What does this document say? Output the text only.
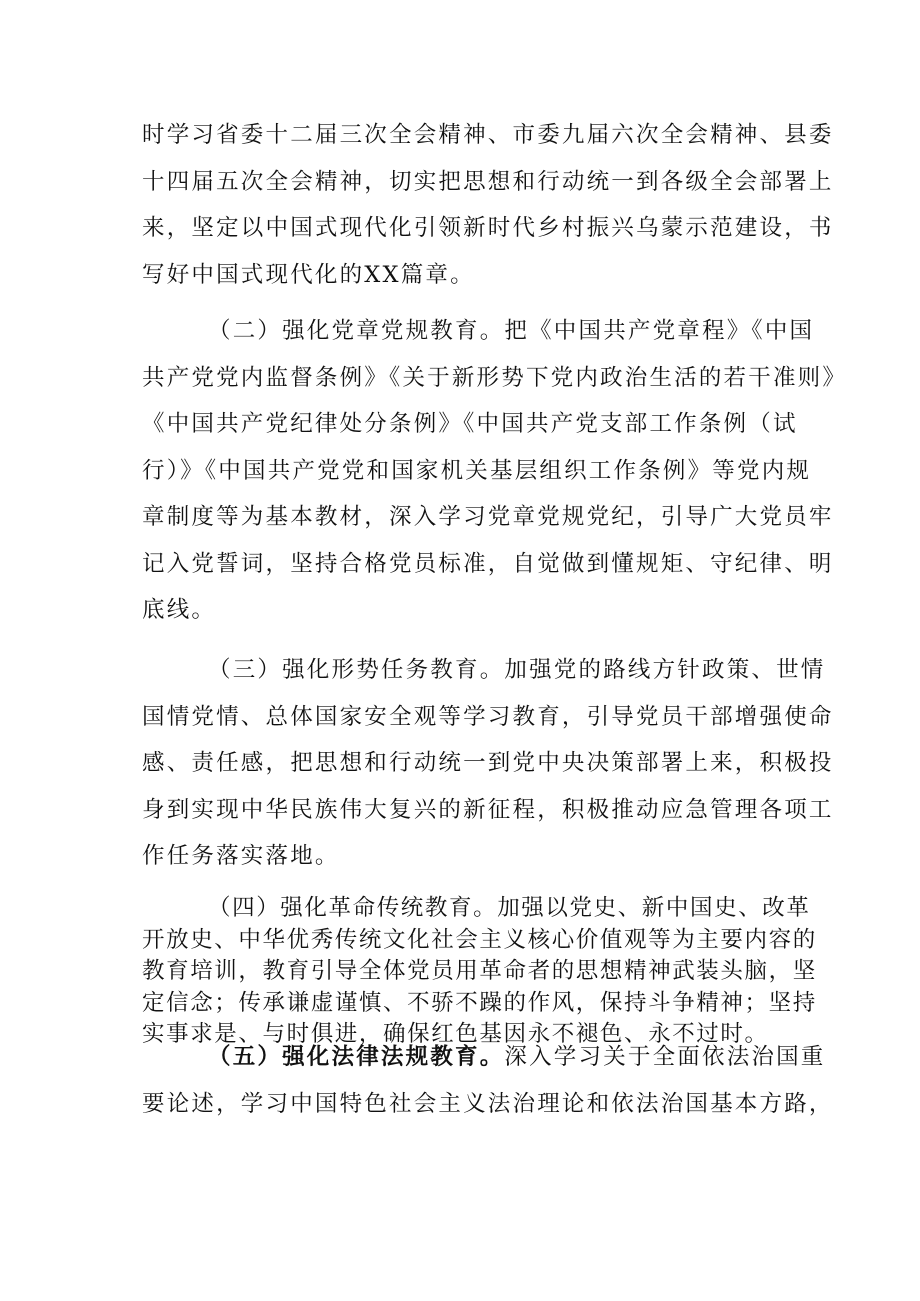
时学习省委十二届三次全会精神、市委九届六次全会精神、县委
十四届五次全会精神，切实把思想和行动统一到各级全会部署上
来，坚定以中国式现代化引领新时代乡村振兴乌蒙示范建设，书
写好中国式现代化的XX篇章。

（二）强化党章党规教育。把《中国共产党章程》《中国
共产党党内监督条例》《关于新形势下党内政治生活的若干准则》
《中国共产党纪律处分条例》《中国共产党支部工作条例（试
行）》《中国共产党党和国家机关基层组织工作条例》等党内规
章制度等为基本教材，深入学习党章党规党纪，引导广大党员牢
记入党誓词，坚持合格党员标准，自觉做到懂规矩、守纪律、明
底线。

（三）强化形势任务教育。加强党的路线方针政策、世情
国情党情、总体国家安全观等学习教育，引导党员干部增强使命
感、责任感，把思想和行动统一到党中央决策部署上来，积极投
身到实现中华民族伟大复兴的新征程，积极推动应急管理各项工
作任务落实落地。

（四）强化革命传统教育。加强以党史、新中国史、改革
开放史、中华优秀传统文化社会主义核心价值观等为主要内容的
教育培训，教育引导全体党员用革命者的思想精神武装头脑，坚
定信念；传承谦虚谨慎、不骄不躁的作风，保持斗争精神；坚持
实事求是、与时俱进，确保红色基因永不褪色、永不过时。

（五）强化法律法规教育。深入学习关于全面依法治国重
要论述，学习中国特色社会主义法治理论和依法治国基本方路，
